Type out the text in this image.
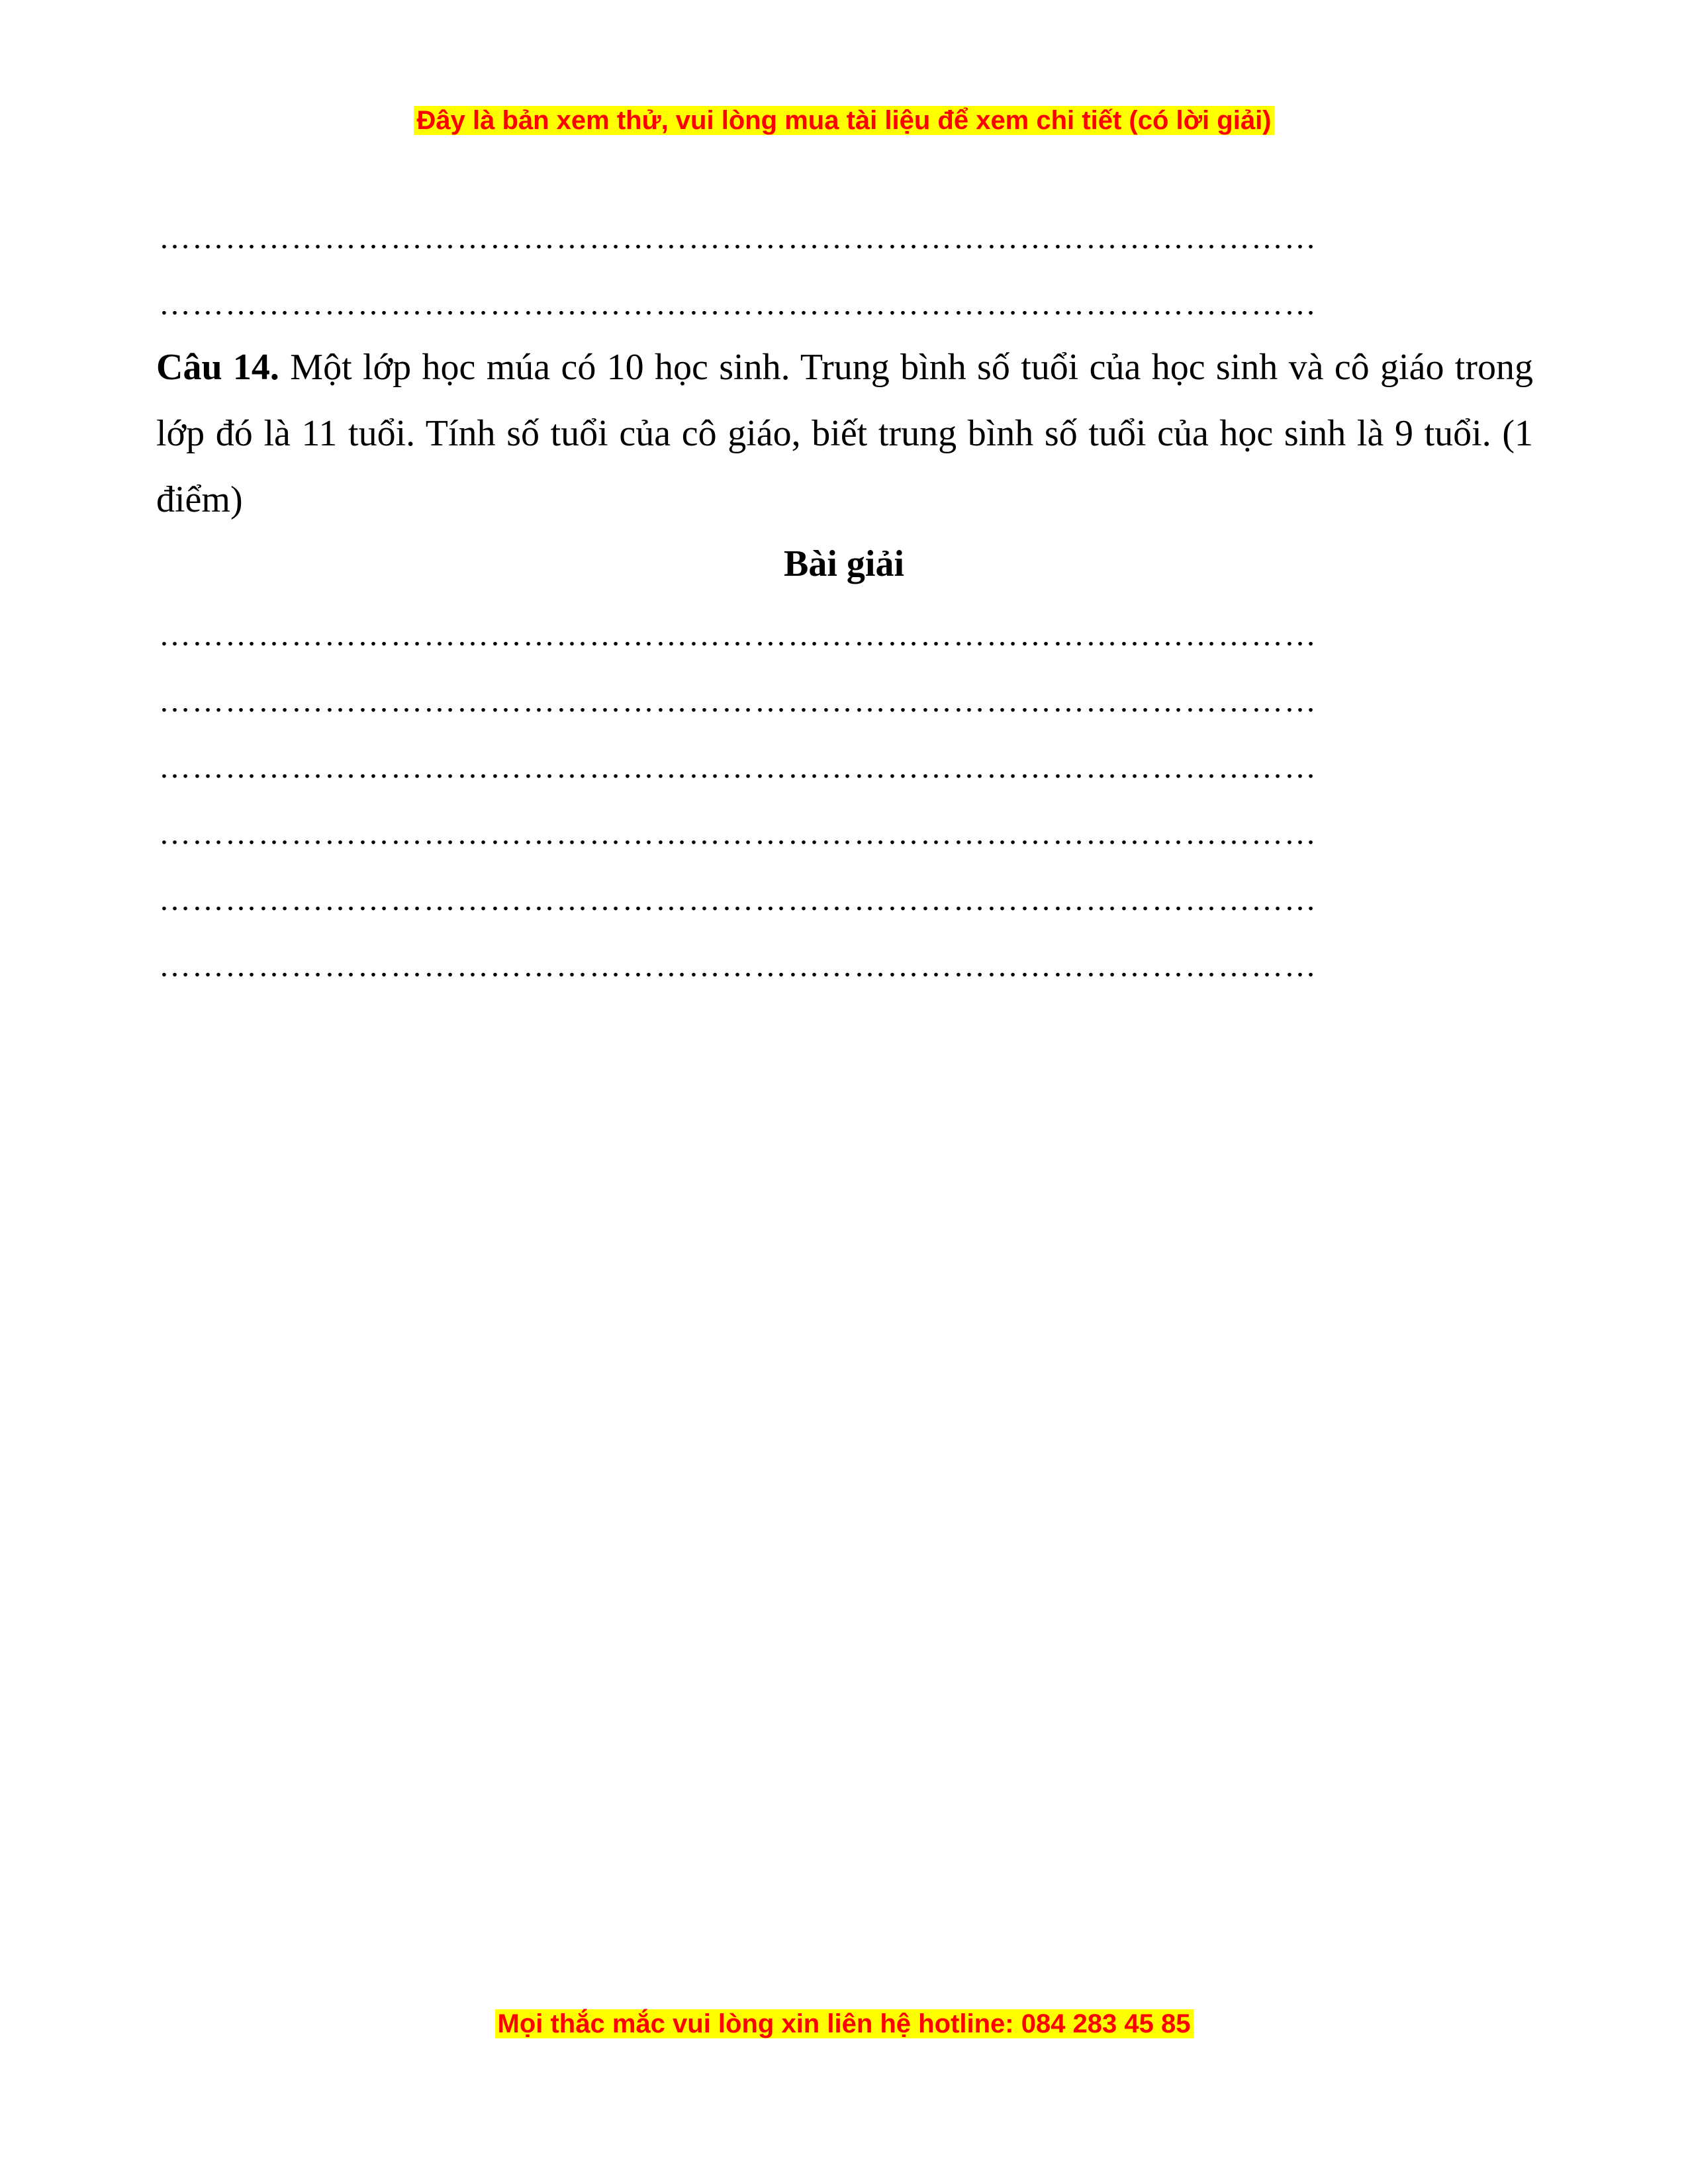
Đây là bản xem thử, vui lòng mua tài liệu để xem chi tiết (có lời giải)
……………………………………………………………………………………………
……………………………………………………………………………………………
Câu 14. Một lớp học múa có 10 học sinh. Trung bình số tuổi của học sinh và cô giáo trong lớp đó là 11 tuổi. Tính số tuổi của cô giáo, biết trung bình số tuổi của học sinh là 9 tuổi. (1 điểm)
Bài giải
……………………………………………………………………………………………
……………………………………………………………………………………………
……………………………………………………………………………………………
……………………………………………………………………………………………
……………………………………………………………………………………………
……………………………………………………………………………………………
Mọi thắc mắc vui lòng xin liên hệ hotline: 084 283 45 85
